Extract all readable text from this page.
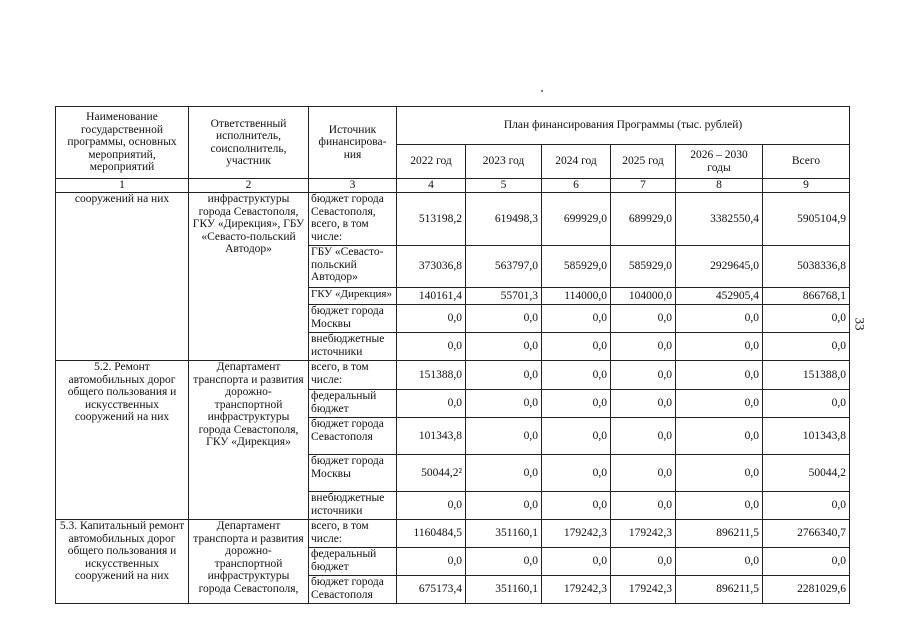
33
Наименование государственной программы, основных мероприятий, мероприятий	Ответственный исполнитель, соисполнитель, участник	Источник финансирова-ния	План финансирования Программы (тыс. рублей)					
			2022 год	2023 год	2024 год	2025 год	2026 – 2030 годы	Всего
1	2	3	4	5	6	7	8	9
сооружений на них	инфраструктуры города Севастополя, ГКУ «Дирекция», ГБУ «Севасто-польский Автодор»	бюджет города Севастополя, всего, в том числе:	513198,2	619498,3	699929,0	689929,0	3382550,4	5905104,9
		ГБУ «Севасто-польский Автодор»	373036,8	563797,0	585929,0	585929,0	2929645,0	5038336,8
		ГКУ «Дирекция»	140161,4	55701,3	114000,0	104000,0	452905,4	866768,1
		бюджет города Москвы	0,0	0,0	0,0	0,0	0,0	0,0
		внебюджетные источники	0,0	0,0	0,0	0,0	0,0	0,0
5.2. Ремонт автомобильных дорог общего пользования и искусственных сооружений на них	Департамент транспорта и развития дорожно-транспортной инфраструктуры города Севастополя, ГКУ «Дирекция»	всего, в том числе:	151388,0	0,0	0,0	0,0	0,0	151388,0
		федеральный бюджет	0,0	0,0	0,0	0,0	0,0	0,0
		бюджет города Севастополя	101343,8	0,0	0,0	0,0	0,0	101343,8
		бюджет города Москвы	50044,2²	0,0	0,0	0,0	0,0	50044,2
		внебюджетные источники	0,0	0,0	0,0	0,0	0,0	0,0
5.3. Капитальный ремонт автомобильных дорог общего пользования и искусственных сооружений на них	Департамент транспорта и развития дорожно-транспортной инфраструктуры города Севастополя,	всего, в том числе:	1160484,5	351160,1	179242,3	179242,3	896211,5	2766340,7
		федеральный бюджет	0,0	0,0	0,0	0,0	0,0	0,0
		бюджет города Севастополя	675173,4	351160,1	179242,3	179242,3	896211,5	2281029,6
